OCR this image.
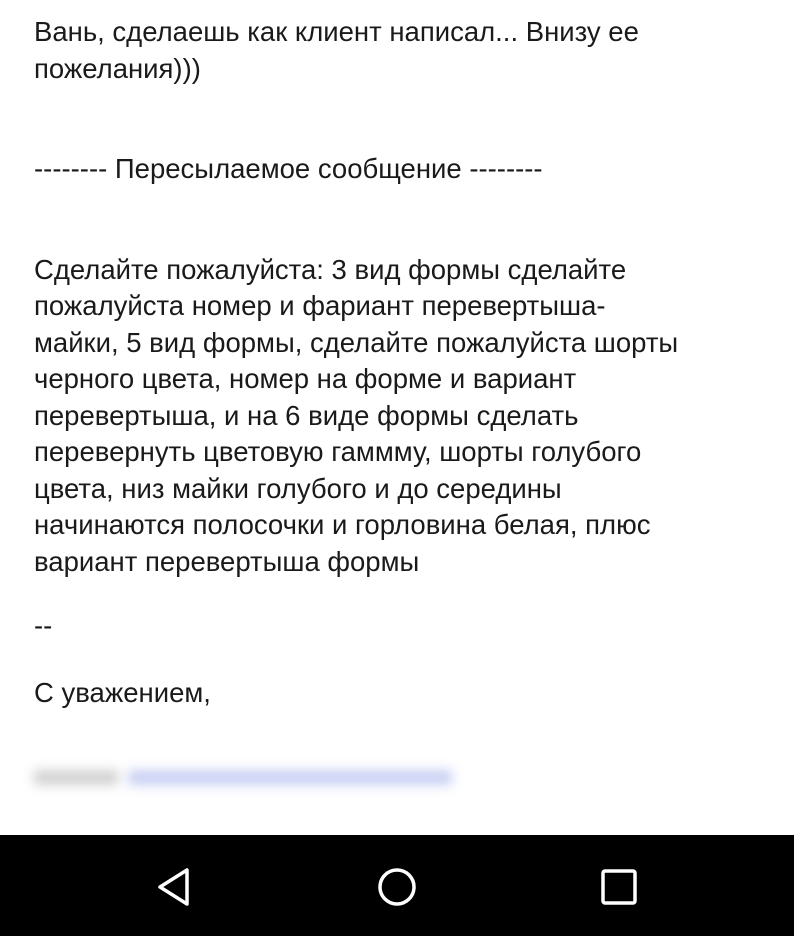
Вань, сделаешь как клиент написал... Внизу ее
пожелания)))
-------- Пересылаемое сообщение --------
Сделайте пожалуйста: 3 вид формы сделайте
пожалуйста номер и фариант перевертыша-
майки, 5 вид формы, сделайте пожалуйста шорты
черного цвета, номер на форме и вариант
перевертыша, и на 6 виде формы сделать
перевернуть цветовую гаммму, шорты голубого
цвета, низ майки голубого и до середины
начинаются полосочки и горловина белая, плюс
вариант перевертыша формы
--
С уважением,
xxxxxxx xxxxxxxxxxxxxxxxxxxxxxxxxxx
